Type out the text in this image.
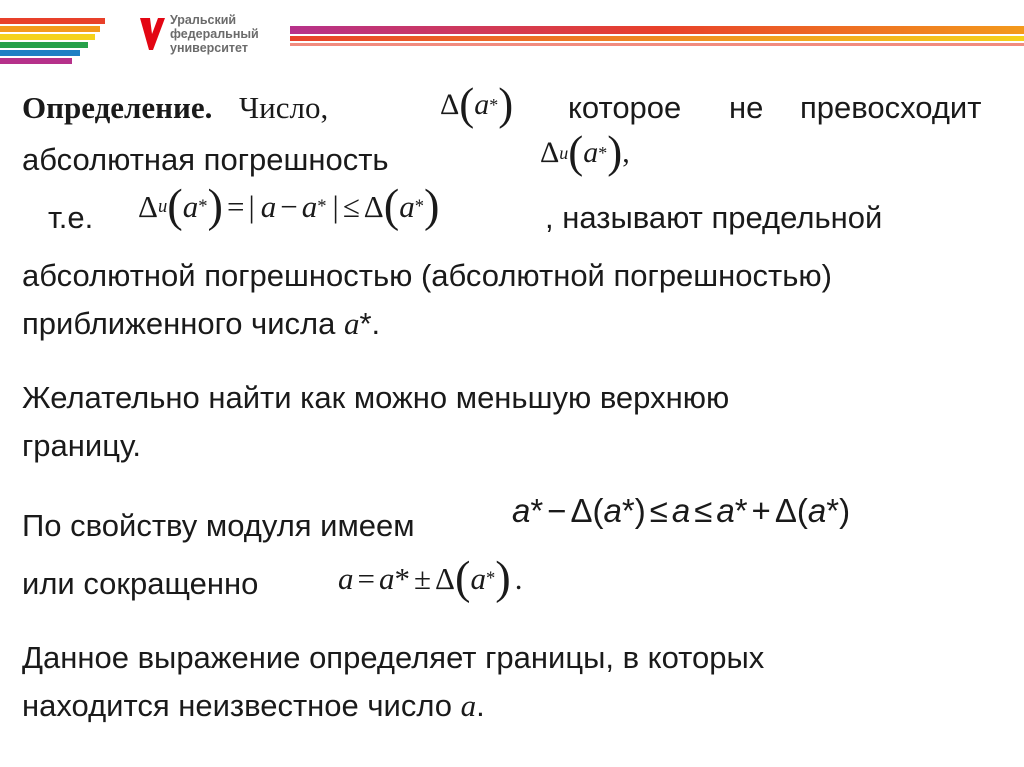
Уральский
федеральный
университет
Определение. Число,	Δ ( a * ) которое не превосходит
абсолютная погрешность	Δ и ( a * ) ,
т.е. Δ и ( a * ) = | a − a * | ≤ Δ ( a * )	, называют предельной
абсолютной погрешностью (абсолютной погрешностью)
приближенного числа a*.
Желательно найти как можно меньшую верхнюю
границу.
По свойству модуля имеем	a * − Δ ( a * ) ≤ a ≤ a * + Δ ( a * )
или сокращенно	a = a * ± Δ ( a * ) .
Данное выражение определяет границы, в которых
находится неизвестное число a.
